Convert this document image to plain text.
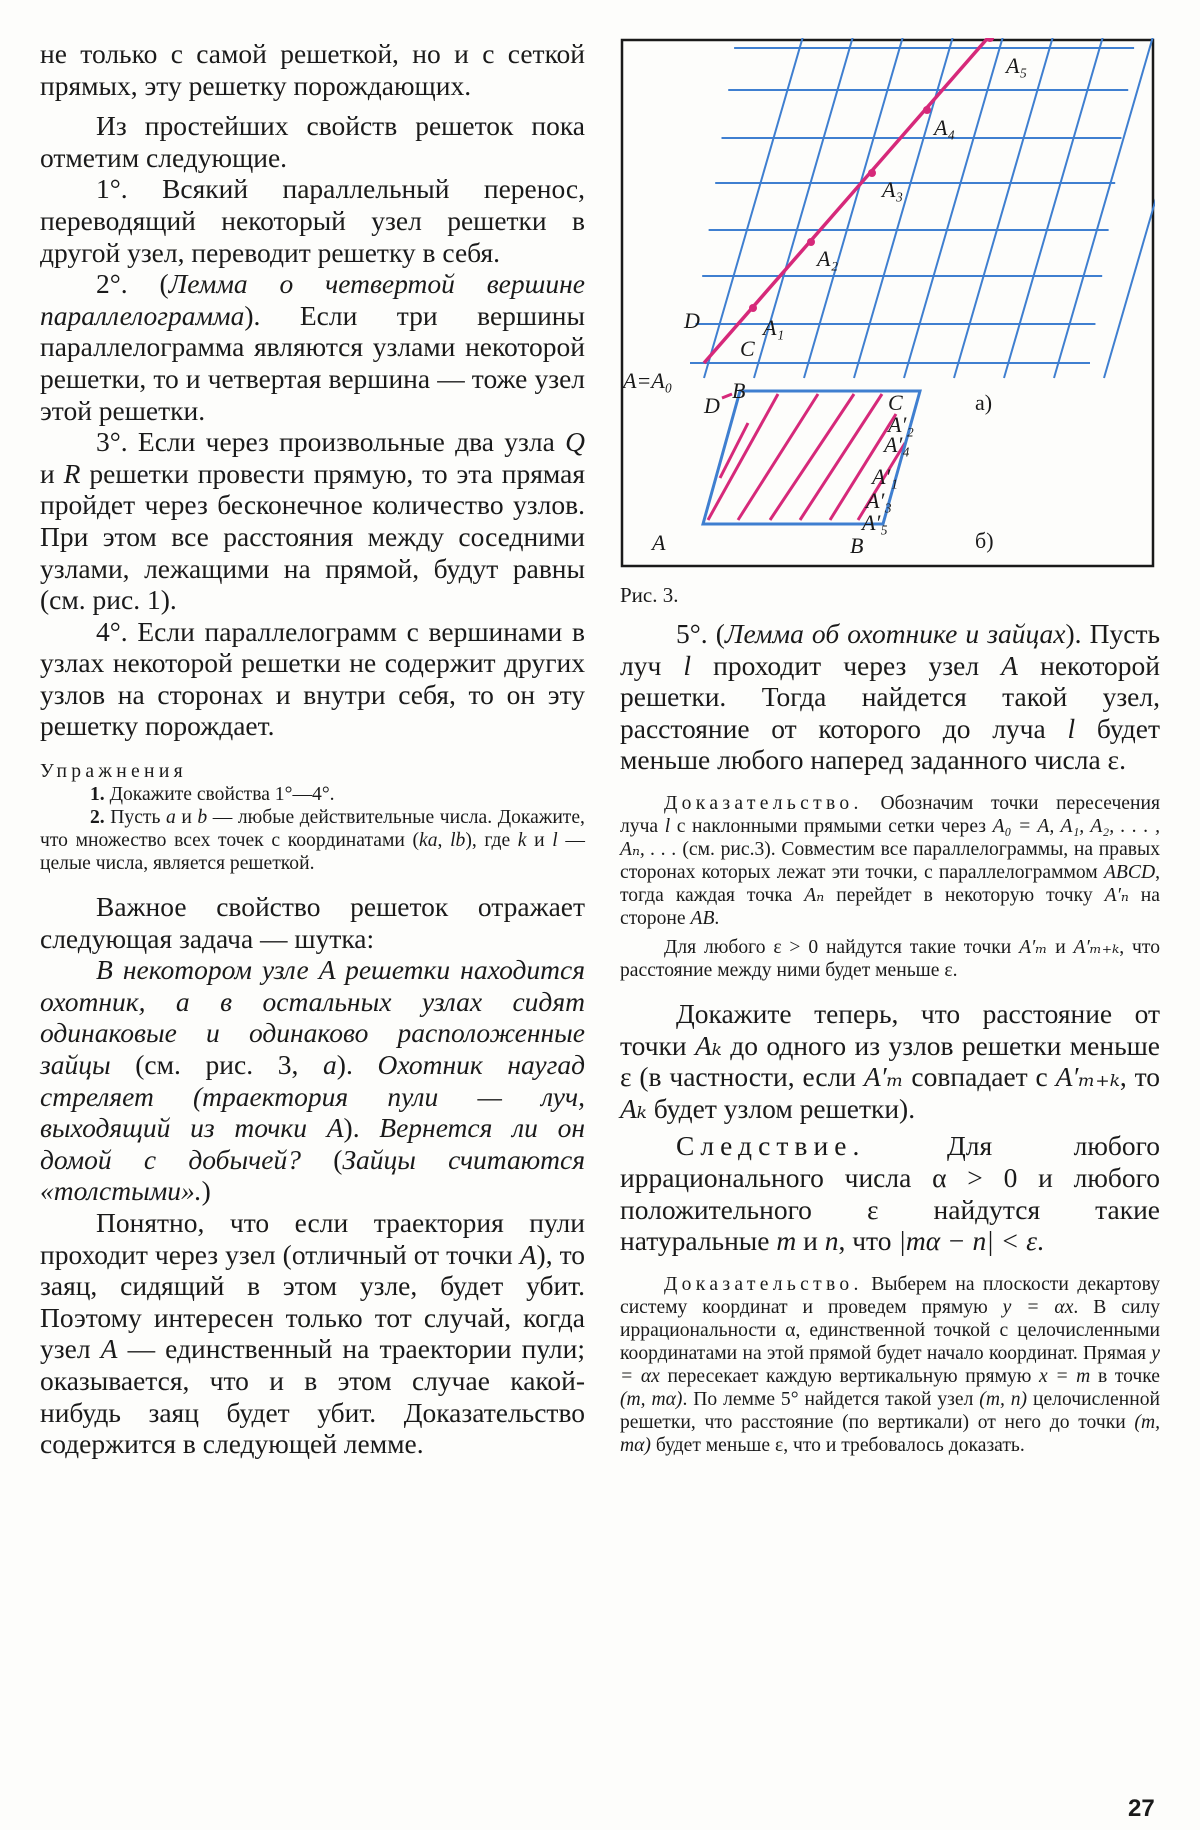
не только с самой решеткой, но и с сеткой прямых, эту решетку порождающих.

Из простейших свойств решеток пока отметим следующие.

1°. Всякий параллельный перенос, переводящий некоторый узел решетки в другой узел, переводит решетку в себя.

2°. (Лемма о четвертой вершине параллелограмма). Если три вершины параллелограмма являются узлами некоторой решетки, то и четвертая вершина — тоже узел этой решетки.

3°. Если через произвольные два узла Q и R решетки провести прямую, то эта прямая пройдет через бесконечное количество узлов. При этом все расстояния между соседними узлами, лежащими на прямой, будут равны (см. рис. 1).

4°. Если параллелограмм с вершинами в узлах некоторой решетки не содержит других узлов на сторонах и внутри себя, то он эту решетку порождает.

Упражнения

1. Докажите свойства 1°—4°.

2. Пусть a и b — любые действительные числа. Докажите, что множество всех точек с координатами (ka, lb), где k и l — целые числа, является решеткой.

Важное свойство решеток отражает следующая задача — шутка:

В некотором узле A решетки находится охотник, а в остальных узлах сидят одинаковые и одинаково расположенные зайцы (см. рис. 3, а). Охотник наугад стреляет (траектория пули — луч, выходящий из точки A). Вернется ли он домой с добычей? (Зайцы считаются «толстыми».)

Понятно, что если траектория пули проходит через узел (отличный от точки A), то заяц, сидящий в этом узле, будет убит. Поэтому интересен только тот случай, когда узел A — единственный на траектории пули; оказывается, что и в этом случае какой-нибудь заяц будет убит. Доказательство содержится в следующей лемме.

A₅
A₄
A₃
A₂
A₁
D
C
A=A₀	B	а)
D	C
A′₂
A′₄
A′₁
A′₃
A′₅
A	B	б)

Рис. 3.

5°. (Лемма об охотнике и зайцах). Пусть луч l проходит через узел A некоторой решетки. Тогда найдется такой узел, расстояние от которого до луча l будет меньше любого наперед заданного числа ε.

Доказательство. Обозначим точки пересечения луча l с наклонными прямыми сетки через A₀ = A, A₁, A₂, . . . , Aₙ, . . . (см. рис.3). Совместим все параллелограммы, на правых сторонах которых лежат эти точки, с параллелограммом ABCD, тогда каждая точка Aₙ перейдет в некоторую точку A′ₙ на стороне AB.

Для любого ε > 0 найдутся такие точки A′ₘ и A′ₘ₊ₖ, что расстояние между ними будет меньше ε.

Докажите теперь, что расстояние от точки Aₖ до одного из узлов решетки меньше ε (в частности, если A′ₘ совпадает с A′ₘ₊ₖ, то Aₖ будет узлом решетки).

Следствие. Для любого иррационального числа α > 0 и любого положительного ε найдутся такие натуральные m и n, что |mα − n| < ε.

Доказательство. Выберем на плоскости декартову систему координат и проведем прямую y = αx. В силу иррациональности α, единственной точкой с целочисленными координатами на этой прямой будет начало координат. Прямая y = αx пересекает каждую вертикальную прямую x = m в точке (m, mα). По лемме 5° найдется такой узел (m, n) целочисленной решетки, что расстояние (по вертикали) от него до точки (m, mα) будет меньше ε, что и требовалось доказать.

27
